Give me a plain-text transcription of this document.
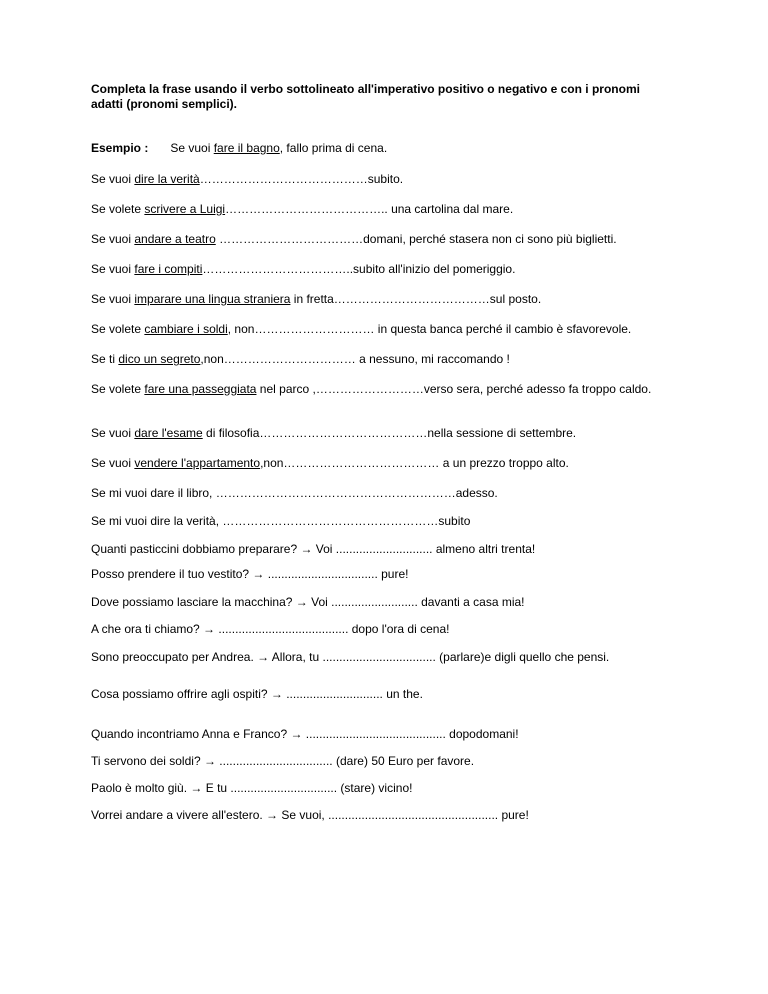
Completa la frase usando il verbo sottolineato all'imperativo positivo o negativo e con i pronomi adatti (pronomi semplici).
Esempio : Se vuoi fare il bagno, fallo prima di cena.
Se vuoi dire la verità……………………………………subito.
Se volete scrivere a Luigi………………………………….. una cartolina dal mare.
Se vuoi andare a teatro ………………………………domani, perché stasera non ci sono più biglietti.
Se vuoi fare i compiti………………………………..subito all'inizio del pomeriggio.
Se vuoi imparare una lingua straniera in fretta…………………………………sul posto.
Se volete cambiare i soldi, non………………………… in questa banca perché il cambio è sfavorevole.
Se ti dico un segreto,non…………………………… a nessuno, mi raccomando !
Se volete fare una passeggiata nel parco ,………………………verso sera, perché adesso fa troppo caldo.
Se vuoi dare l'esame di filosofia……………………………………nella sessione di settembre.
Se vuoi vendere l'appartamento,non………………………………… a un prezzo troppo alto.
Se mi vuoi dare il libro, ……………………………………………………adesso.
Se mi vuoi dire la verità, ………………………………………………subito
Quanti pasticcini dobbiamo preparare? → Voi ............................. almeno altri trenta!
Posso prendere il tuo vestito? → ................................. pure!
Dove possiamo lasciare la macchina? → Voi .......................... davanti a casa mia!
A che ora ti chiamo? → ....................................... dopo l'ora di cena!
Sono preoccupato per Andrea. → Allora, tu .................................. (parlare)e digli quello che pensi.
Cosa possiamo offrire agli ospiti? → ............................. un the.
Quando incontriamo Anna e Franco? → .......................................... dopodomani!
Ti servono dei soldi? → .................................. (dare) 50 Euro per favore.
Paolo è molto giù. → E tu ................................ (stare) vicino!
Vorrei andare a vivere all'estero. → Se vuoi, ................................................... pure!
